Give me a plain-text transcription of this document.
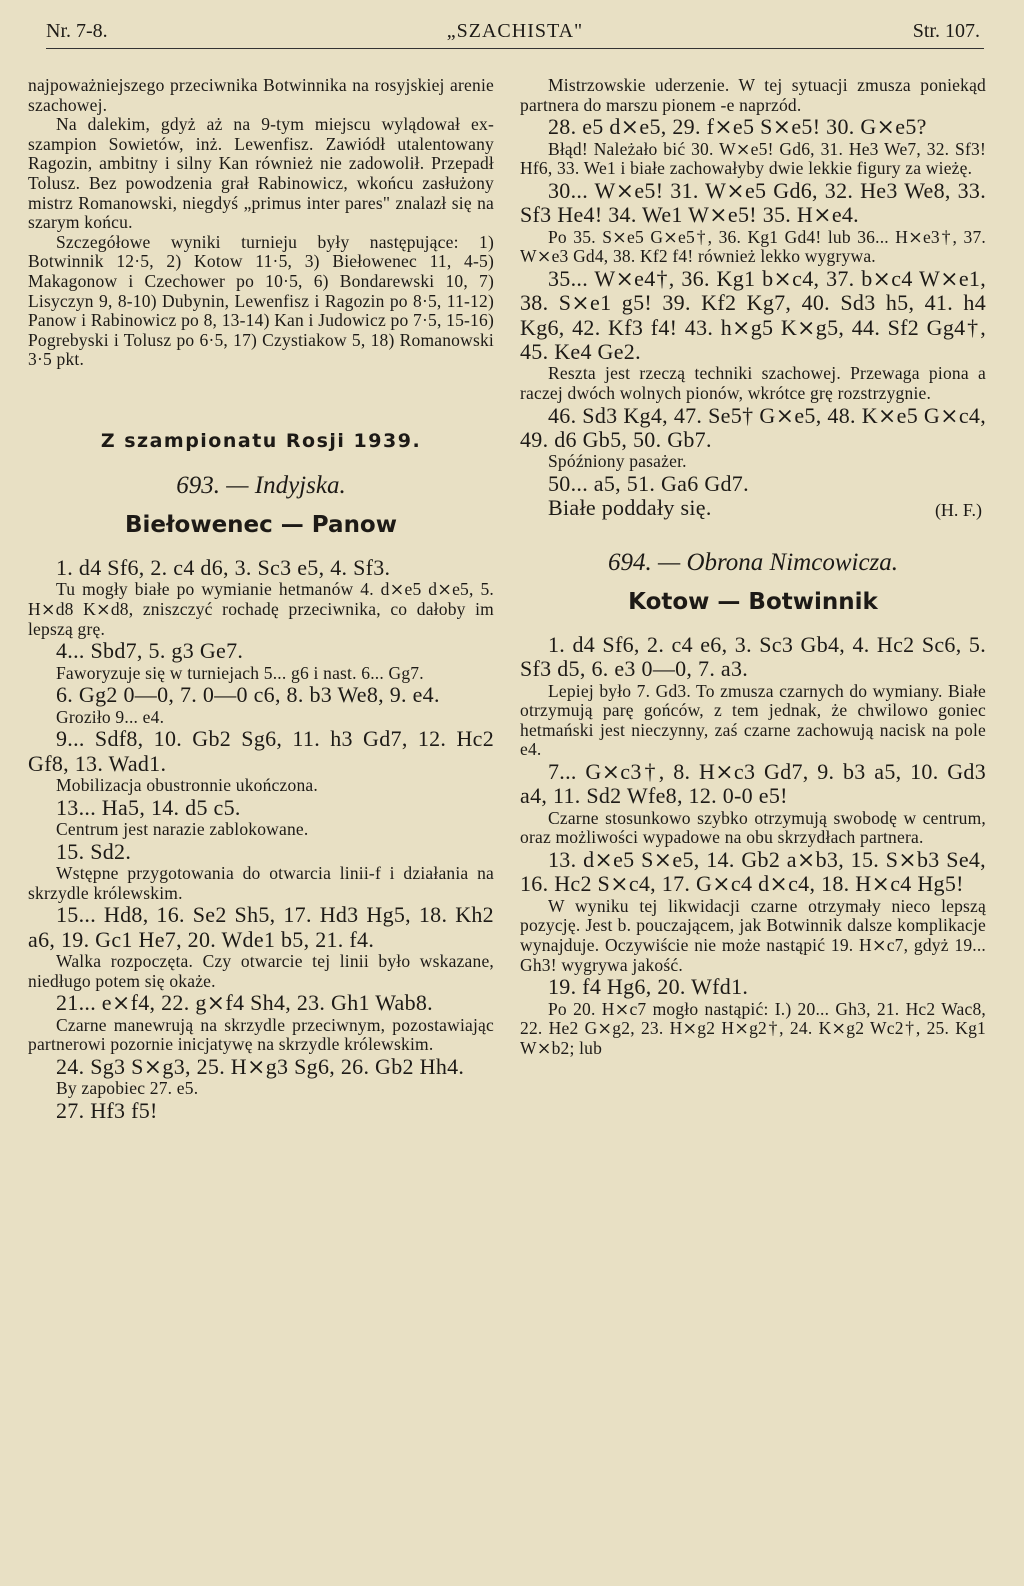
Nr. 7-8.	„SZACHISTA"	Str. 107.

najpoważniejszego przeciwnika Botwinnika na rosyjskiej arenie szachowej.

Na dalekim, gdyż aż na 9-tym miejscu wylądował ex-szampion Sowietów, inż. Lewenfisz. Zawiódł utalentowany Ragozin, ambitny i silny Kan również nie zadowolił. Przepadł Tolusz. Bez powodzenia grał Rabinowicz, wkońcu zasłużony mistrz Romanowski, niegdyś „primus inter pares" znalazł się na szarym końcu.

Szczegółowe wyniki turnieju były następujące: 1) Botwinnik 12·5, 2) Kotow 11·5, 3) Biełowenec 11, 4-5) Makagonow i Czechower po 10·5, 6) Bondarewski 10, 7) Lisyczyn 9, 8-10) Dubynin, Lewenfisz i Ragozin po 8·5, 11-12) Panow i Rabinowicz po 8, 13-14) Kan i Judowicz po 7·5, 15-16) Pogrebyski i Tolusz po 6·5, 17) Czystiakow 5, 18) Romanowski 3·5 pkt.

Z szampionatu Rosji 1939.
693. — Indyjska.
Biełowenec — Panow

1. d4 Sf6, 2. c4 d6, 3. Sc3 e5, 4. Sf3.

Tu mogły białe po wymianie hetmanów 4. d⨯e5 d⨯e5, 5. H⨯d8 K⨯d8, zniszczyć rochadę przeciwnika, co dałoby im lepszą grę.

4... Sbd7, 5. g3 Ge7.

Faworyzuje się w turniejach 5... g6 i nast. 6... Gg7.

6. Gg2 0—0, 7. 0—0 c6, 8. b3 We8, 9. e4.

Groziło 9... e4.

9... Sdf8, 10. Gb2 Sg6, 11. h3 Gd7, 12. Hc2 Gf8, 13. Wad1.

Mobilizacja obustronnie ukończona.

13... Ha5, 14. d5 c5.

Centrum jest narazie zablokowane.

15. Sd2.

Wstępne przygotowania do otwarcia linii-f i działania na skrzydle królewskim.

15... Hd8, 16. Se2 Sh5, 17. Hd3 Hg5, 18. Kh2 a6, 19. Gc1 He7, 20. Wde1 b5, 21. f4.

Walka rozpoczęta. Czy otwarcie tej linii było wskazane, niedługo potem się okaże.

21... e⨯f4, 22. g⨯f4 Sh4, 23. Gh1 Wab8.

Czarne manewrują na skrzydle przeciwnym, pozostawiając partnerowi pozornie inicjatywę na skrzydle królewskim.

24. Sg3 S⨯g3, 25. H⨯g3 Sg6, 26. Gb2 Hh4.

By zapobiec 27. e5.

27. Hf3 f5!

Mistrzowskie uderzenie. W tej sytuacji zmusza poniekąd partnera do marszu pionem -e naprzód.

28. e5 d⨯e5, 29. f⨯e5 S⨯e5! 30. G⨯e5?

Błąd! Należało bić 30. W⨯e5! Gd6, 31. He3 We7, 32. Sf3! Hf6, 33. We1 i białe zachowałyby dwie lekkie figury za wieżę.

30... W⨯e5! 31. W⨯e5 Gd6, 32. He3 We8, 33. Sf3 He4! 34. We1 W⨯e5! 35. H⨯e4.

Po 35. S⨯e5 G⨯e5†, 36. Kg1 Gd4! lub 36... H⨯e3†, 37. W⨯e3 Gd4, 38. Kf2 f4! również lekko wygrywa.

35... W⨯e4†, 36. Kg1 b⨯c4, 37. b⨯c4 W⨯e1, 38. S⨯e1 g5! 39. Kf2 Kg7, 40. Sd3 h5, 41. h4 Kg6, 42. Kf3 f4! 43. h⨯g5 K⨯g5, 44. Sf2 Gg4†, 45. Ke4 Ge2.

Reszta jest rzeczą techniki szachowej. Przewaga piona a raczej dwóch wolnych pionów, wkrótce grę rozstrzygnie.

46. Sd3 Kg4, 47. Se5† G⨯e5, 48. K⨯e5 G⨯c4, 49. d6 Gb5, 50. Gb7.

Spóźniony pasażer.

50... a5, 51. Ga6 Gd7.

Białe poddały się.	(H. F.)
694. — Obrona Nimcowicza.
Kotow — Botwinnik

1. d4 Sf6, 2. c4 e6, 3. Sc3 Gb4, 4. Hc2 Sc6, 5. Sf3 d5, 6. e3 0—0, 7. a3.

Lepiej było 7. Gd3. To zmusza czarnych do wymiany. Białe otrzymują parę gońców, z tem jednak, że chwilowo goniec hetmański jest nieczynny, zaś czarne zachowują nacisk na pole e4.

7... G⨯c3†, 8. H⨯c3 Gd7, 9. b3 a5, 10. Gd3 a4, 11. Sd2 Wfe8, 12. 0-0 e5!

Czarne stosunkowo szybko otrzymują swobodę w centrum, oraz możliwości wypadowe na obu skrzydłach partnera.

13. d⨯e5 S⨯e5, 14. Gb2 a⨯b3, 15. S⨯b3 Se4, 16. Hc2 S⨯c4, 17. G⨯c4 d⨯c4, 18. H⨯c4 Hg5!

W wyniku tej likwidacji czarne otrzymały nieco lepszą pozycję. Jest b. pouczającem, jak Botwinnik dalsze komplikacje wynajduje. Oczywiście nie może nastąpić 19. H⨯c7, gdyż 19... Gh3! wygrywa jakość.

19. f4 Hg6, 20. Wfd1.

Po 20. H⨯c7 mogło nastąpić: I.) 20... Gh3, 21. Hc2 Wac8, 22. He2 G⨯g2, 23. H⨯g2 H⨯g2†, 24. K⨯g2 Wc2†, 25. Kg1 W⨯b2; lub
